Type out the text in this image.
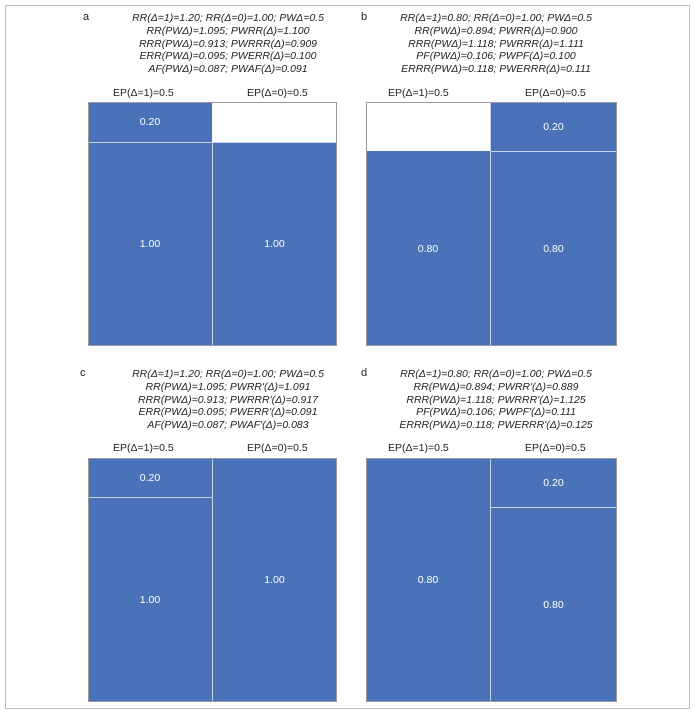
a	RR(Δ=1)=1.20; RR(Δ=0)=1.00; PWΔ=0.5
RR(PWΔ)=1.095; PWRR(Δ)=1.100
RRR(PWΔ)=0.913; PWRRR(Δ)=0.909
ERR(PWΔ)=0.095; PWERR(Δ)=0.100
AF(PWΔ)=0.087; PWAF(Δ)=0.091
EP(Δ=1)=0.5	EP(Δ=0)=0.5
0.20
1.00	1.00
b	RR(Δ=1)=0.80; RR(Δ=0)=1.00; PWΔ=0.5
RR(PWΔ)=0.894; PWRR(Δ)=0.900
RRR(PWΔ)=1.118; PWRRR(Δ)=1.111
PF(PWΔ)=0.106; PWPF(Δ)=0.100
ERRR(PWΔ)=0.118; PWERRR(Δ)=0.111
EP(Δ=1)=0.5	EP(Δ=0)=0.5
0.80
0.20
0.80
c	RR(Δ=1)=1.20; RR(Δ=0)=1.00; PWΔ=0.5
RR(PWΔ)=1.095; PWRR'(Δ)=1.091
RRR(PWΔ)=0.913; PWRRR'(Δ)=0.917
ERR(PWΔ)=0.095; PWERR'(Δ)=0.091
AF(PWΔ)=0.087; PWAF'(Δ)=0.083
EP(Δ=1)=0.5	EP(Δ=0)=0.5
0.20
1.00
1.00
d	RR(Δ=1)=0.80; RR(Δ=0)=1.00; PWΔ=0.5
RR(PWΔ)=0.894; PWRR'(Δ)=0.889
RRR(PWΔ)=1.118; PWRRR'(Δ)=1.125
PF(PWΔ)=0.106; PWPF'(Δ)=0.111
ERRR(PWΔ)=0.118; PWERRR'(Δ)=0.125
EP(Δ=1)=0.5	EP(Δ=0)=0.5
0.80
0.20
0.80
